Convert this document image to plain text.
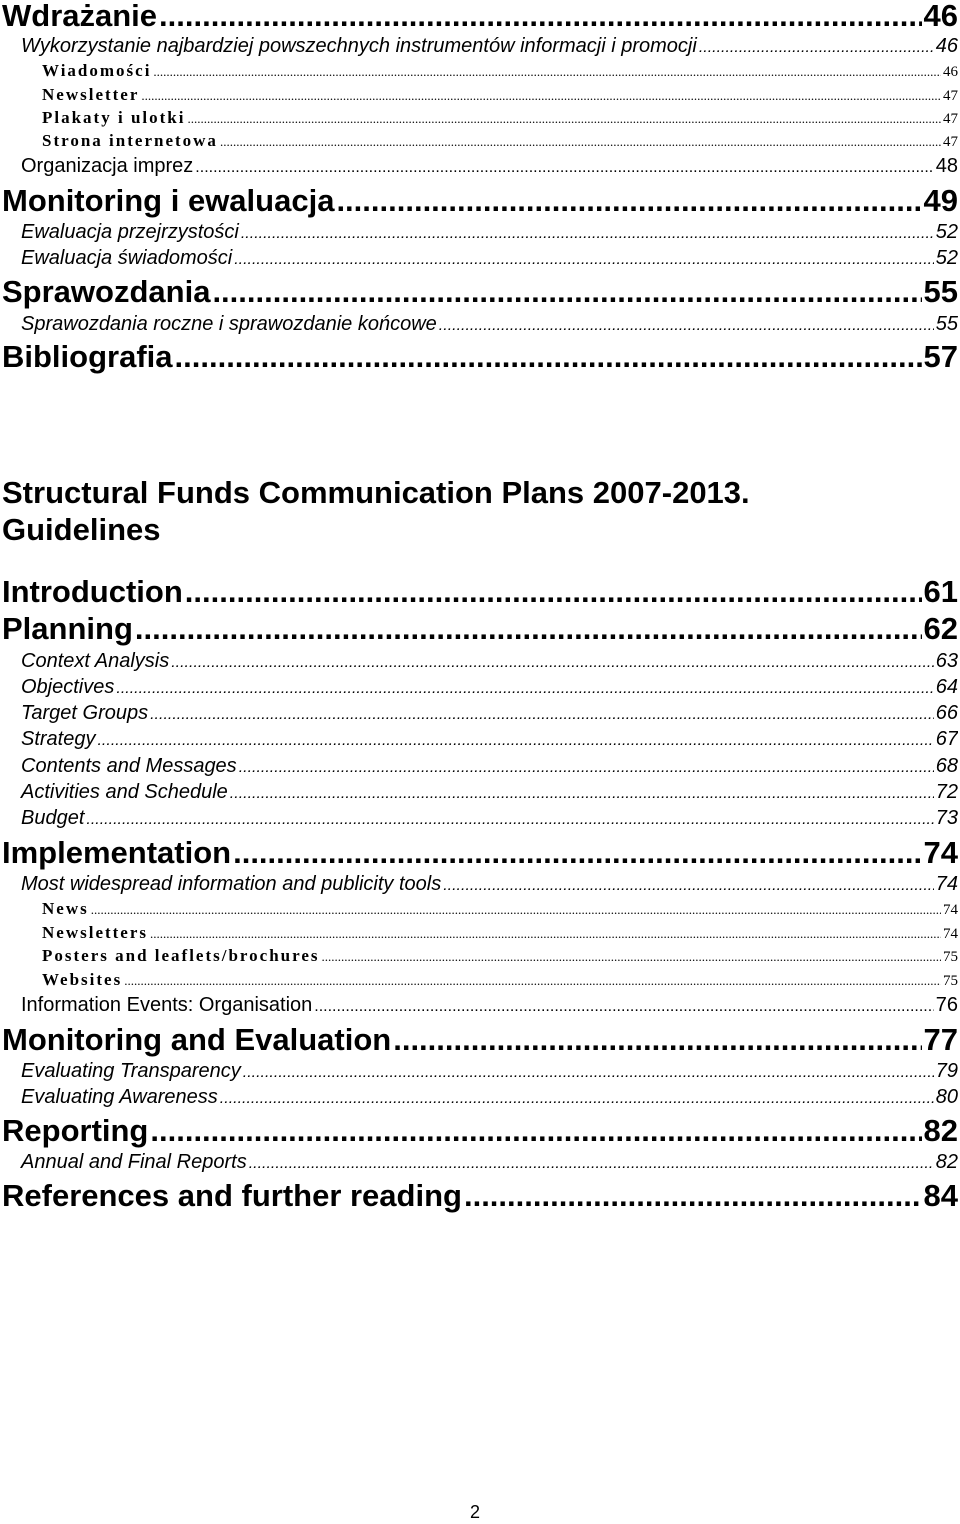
Wdrażanie .....	46
Wykorzystanie najbardziej powszechnych instrumentów informacji i promocji .....	46
Wiadomości .....	46
Newsletter .....	47
Plakaty i ulotki .....	47
Strona internetowa .....	47
Organizacja imprez .....	48
Monitoring i ewaluacja .....	49
Ewaluacja przejrzystości .....	52
Ewaluacja świadomości .....	52
Sprawozdania .....	55
Sprawozdania roczne i sprawozdanie końcowe .....	55
Bibliografia .....	57
Structural Funds Communication Plans 2007-2013.
Guidelines
Introduction .....	61
Planning .....	62
Context Analysis .....	63
Objectives .....	64
Target Groups .....	66
Strategy .....	67
Contents and Messages .....	68
Activities and Schedule .....	72
Budget .....	73
Implementation .....	74
Most widespread information and publicity tools .....	74
News .....	74
Newsletters .....	74
Posters and leaflets/brochures .....	75
Websites .....	75
Information Events: Organisation .....	76
Monitoring and Evaluation .....	77
Evaluating Transparency .....	79
Evaluating Awareness .....	80
Reporting .....	82
Annual and Final Reports .....	82
References and further reading .....	84
2
